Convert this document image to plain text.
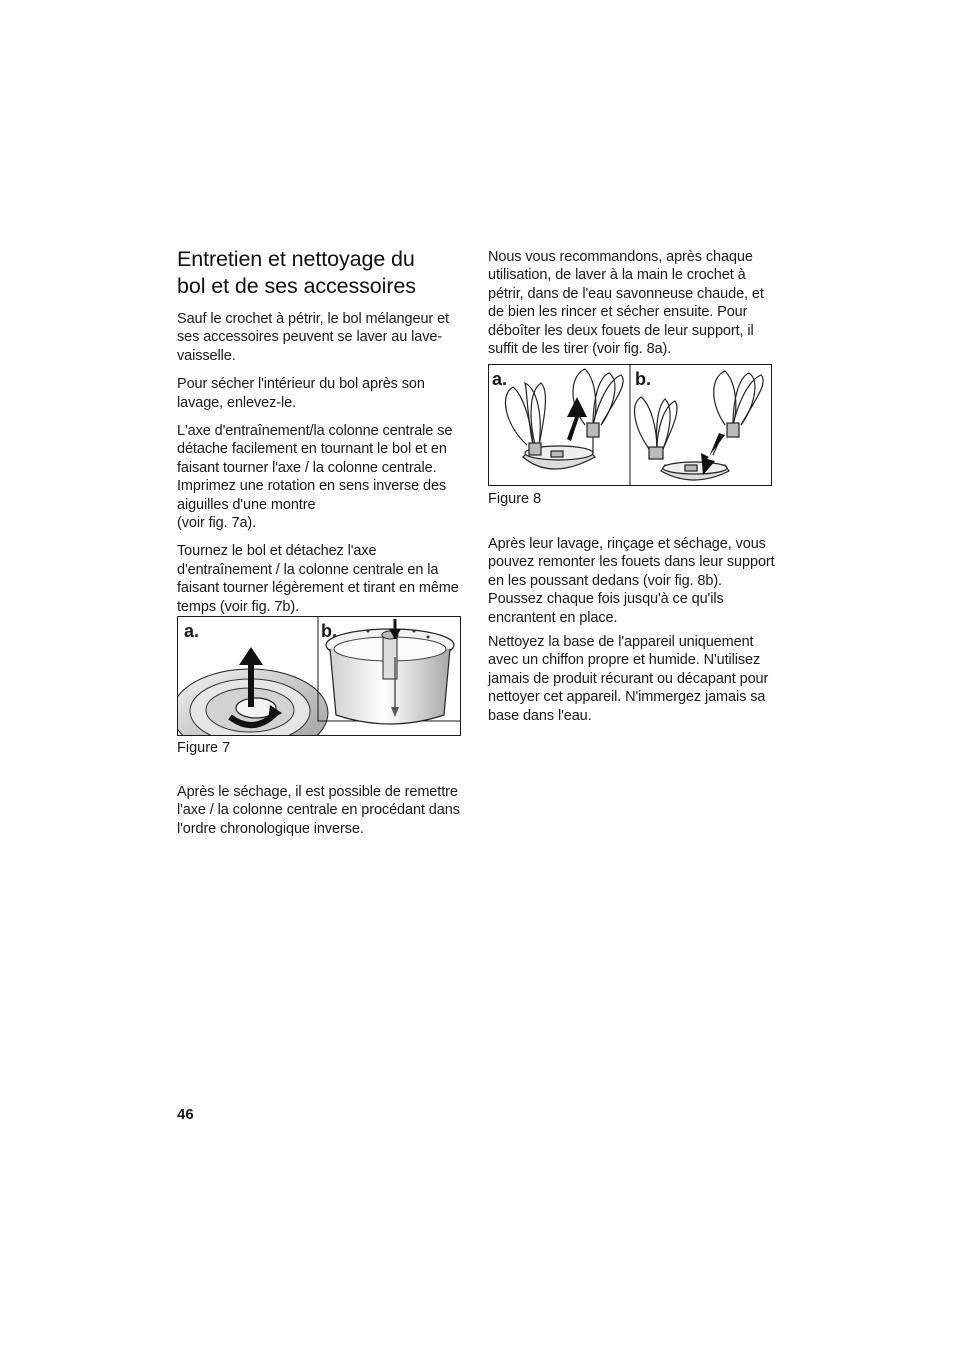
Entretien et nettoyage du
bol et de ses accessoires

Sauf le crochet à pétrir, le bol mélangeur et ses accessoires peuvent se laver au lave-vaisselle.

Pour sécher l'intérieur du bol après son lavage, enlevez-le.

L'axe d'entraînement/la colonne centrale se détache facilement en tournant le bol et en faisant tourner l'axe / la colonne centrale. Imprimez une rotation en sens inverse des aiguilles d'une montre

(voir fig. 7a).

Tournez le bol et détachez l'axe d'entraînement / la colonne centrale en la faisant tourner légèrement et tirant en même temps (voir fig. 7b).

a.	b.
Figure 7

Après le séchage, il est possible de remettre l'axe / la colonne centrale en procédant dans l'ordre chronologique inverse.

Nous vous recommandons, après chaque utilisation, de laver à la main le crochet à pétrir, dans de l'eau savonneuse chaude, et de bien les rincer et sécher ensuite. Pour déboîter les deux fouets de leur support, il suffit de les tirer (voir fig. 8a).

a.	b.
Figure 8

Après leur lavage, rinçage et séchage, vous pouvez remonter les fouets dans leur support en les poussant dedans (voir fig. 8b). Poussez chaque fois jusqu'à ce qu'ils encrantent en place.

Nettoyez la base de l'appareil uniquement avec un chiffon propre et humide. N'utilisez jamais de produit récurant ou décapant pour nettoyer cet appareil. N'immergez jamais sa base dans l'eau.

46
